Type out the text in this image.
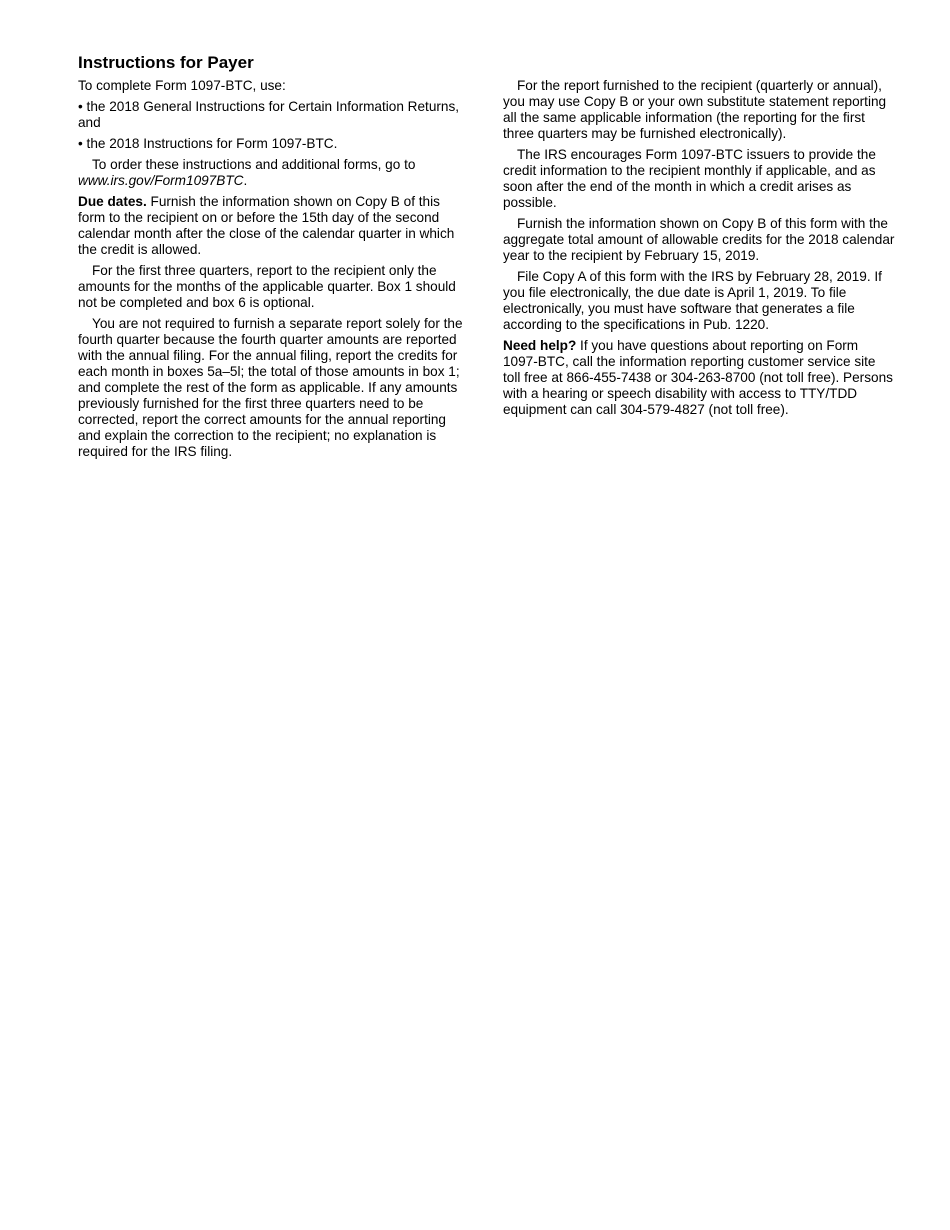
Instructions for Payer

To complete Form 1097-BTC, use:

• the 2018 General Instructions for Certain Information Returns, and

• the 2018 Instructions for Form 1097-BTC.

To order these instructions and additional forms, go to www.irs.gov/Form1097BTC.

Due dates. Furnish the information shown on Copy B of this form to the recipient on or before the 15th day of the second calendar month after the close of the calendar quarter in which the credit is allowed.

For the first three quarters, report to the recipient only the amounts for the months of the applicable quarter. Box 1 should not be completed and box 6 is optional.

You are not required to furnish a separate report solely for the fourth quarter because the fourth quarter amounts are reported with the annual filing. For the annual filing, report the credits for each month in boxes 5a–5l; the total of those amounts in box 1; and complete the rest of the form as applicable. If any amounts previously furnished for the first three quarters need to be corrected, report the correct amounts for the annual reporting and explain the correction to the recipient; no explanation is required for the IRS filing.

For the report furnished to the recipient (quarterly or annual), you may use Copy B or your own substitute statement reporting all the same applicable information (the reporting for the first three quarters may be furnished electronically).

The IRS encourages Form 1097-BTC issuers to provide the credit information to the recipient monthly if applicable, and as soon after the end of the month in which a credit arises as possible.

Furnish the information shown on Copy B of this form with the aggregate total amount of allowable credits for the 2018 calendar year to the recipient by February 15, 2019.

File Copy A of this form with the IRS by February 28, 2019. If you file electronically, the due date is April 1, 2019. To file electronically, you must have software that generates a file according to the specifications in Pub. 1220.

Need help? If you have questions about reporting on Form 1097-BTC, call the information reporting customer service site toll free at 866-455-7438 or 304-263-8700 (not toll free). Persons with a hearing or speech disability with access to TTY/TDD equipment can call 304-579-4827 (not toll free).
